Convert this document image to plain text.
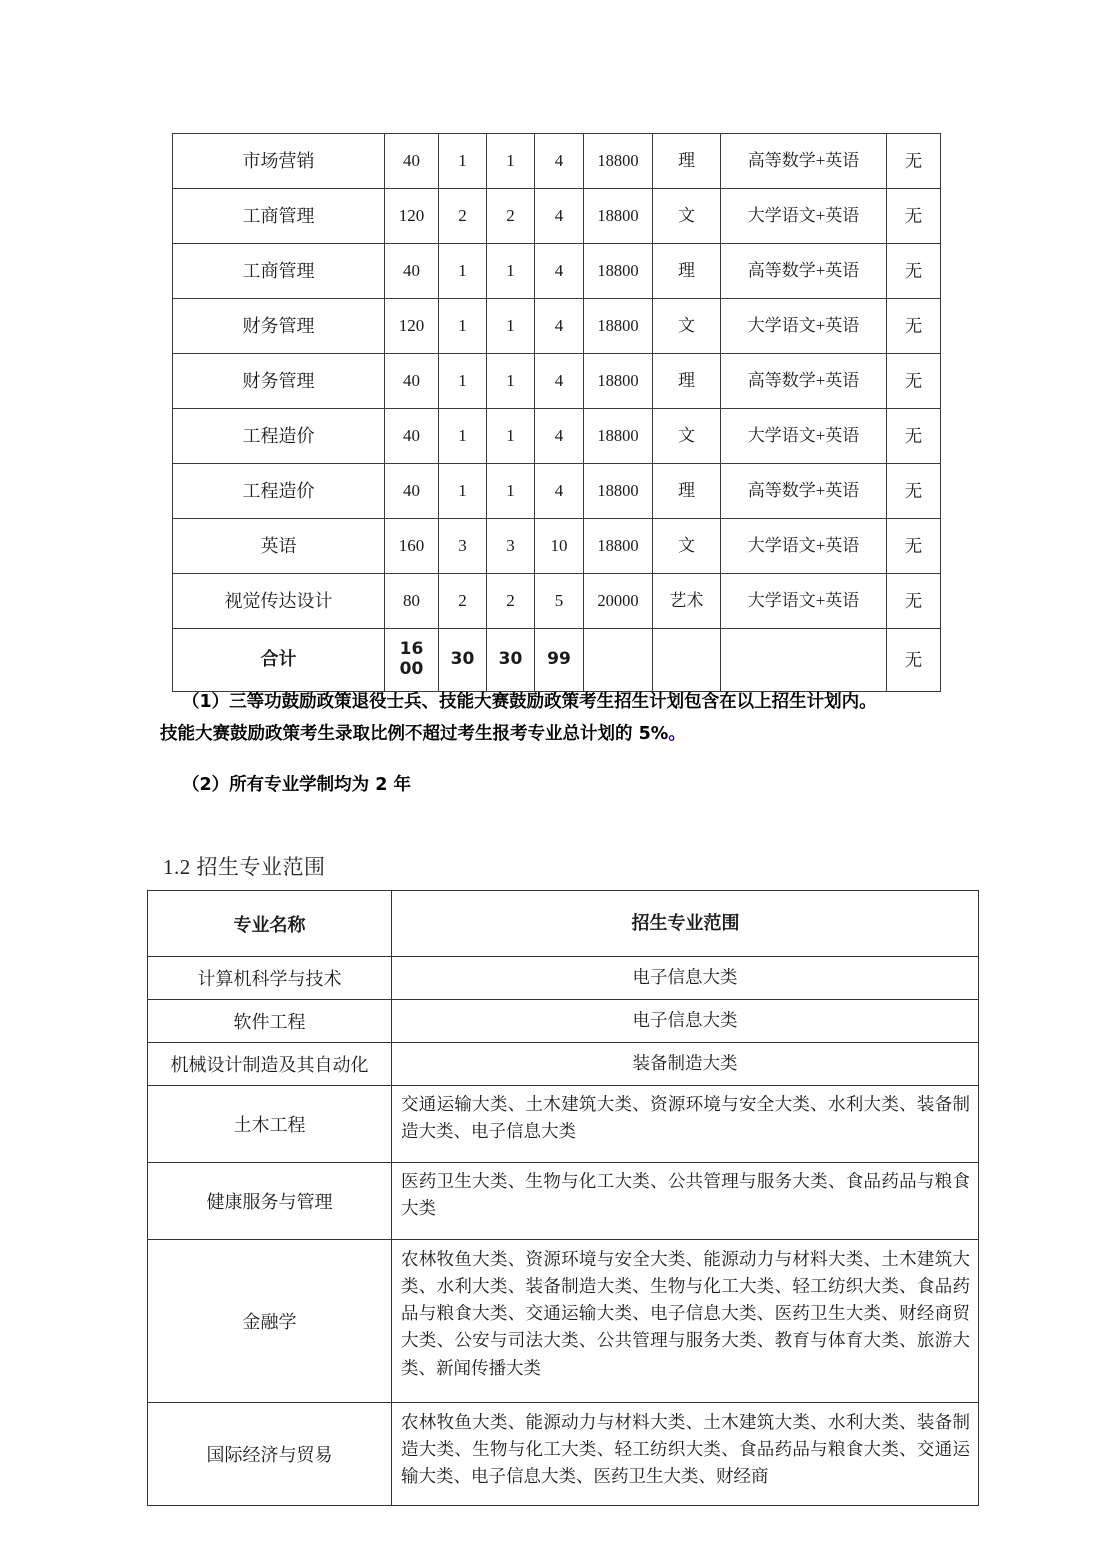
市场营销	40	1	1	4	18800	理	高等数学+英语	无
工商管理	120	2	2	4	18800	文	大学语文+英语	无
工商管理	40	1	1	4	18800	理	高等数学+英语	无
财务管理	120	1	1	4	18800	文	大学语文+英语	无
财务管理	40	1	1	4	18800	理	高等数学+英语	无
工程造价	40	1	1	4	18800	文	大学语文+英语	无
工程造价	40	1	1	4	18800	理	高等数学+英语	无
英语	160	3	3	10	18800	文	大学语文+英语	无
视觉传达设计	80	2	2	5	20000	艺术	大学语文+英语	无
合计	1600	30	30	99				无
（1）三等功鼓励政策退役士兵、技能大赛鼓励政策考生招生计划包含在以上招生计划内。
技能大赛鼓励政策考生录取比例不超过考生报考专业总计划的 5%。
（2）所有专业学制均为 2 年
1.2 招生专业范围
专业名称	招生专业范围
计算机科学与技术	电子信息大类
软件工程	电子信息大类
机械设计制造及其自动化	装备制造大类
土木工程	交通运输大类、土木建筑大类、资源环境与安全大类、水利大类、装备制造大类、电子信息大类
健康服务与管理	医药卫生大类、生物与化工大类、公共管理与服务大类、食品药品与粮食大类
金融学	农林牧鱼大类、资源环境与安全大类、能源动力与材料大类、土木建筑大类、水利大类、装备制造大类、生物与化工大类、轻工纺织大类、食品药品与粮食大类、交通运输大类、电子信息大类、医药卫生大类、财经商贸大类、公安与司法大类、公共管理与服务大类、教育与体育大类、旅游大类、新闻传播大类
国际经济与贸易	农林牧鱼大类、能源动力与材料大类、土木建筑大类、水利大类、装备制造大类、生物与化工大类、轻工纺织大类、食品药品与粮食大类、交通运输大类、电子信息大类、医药卫生大类、财经商
